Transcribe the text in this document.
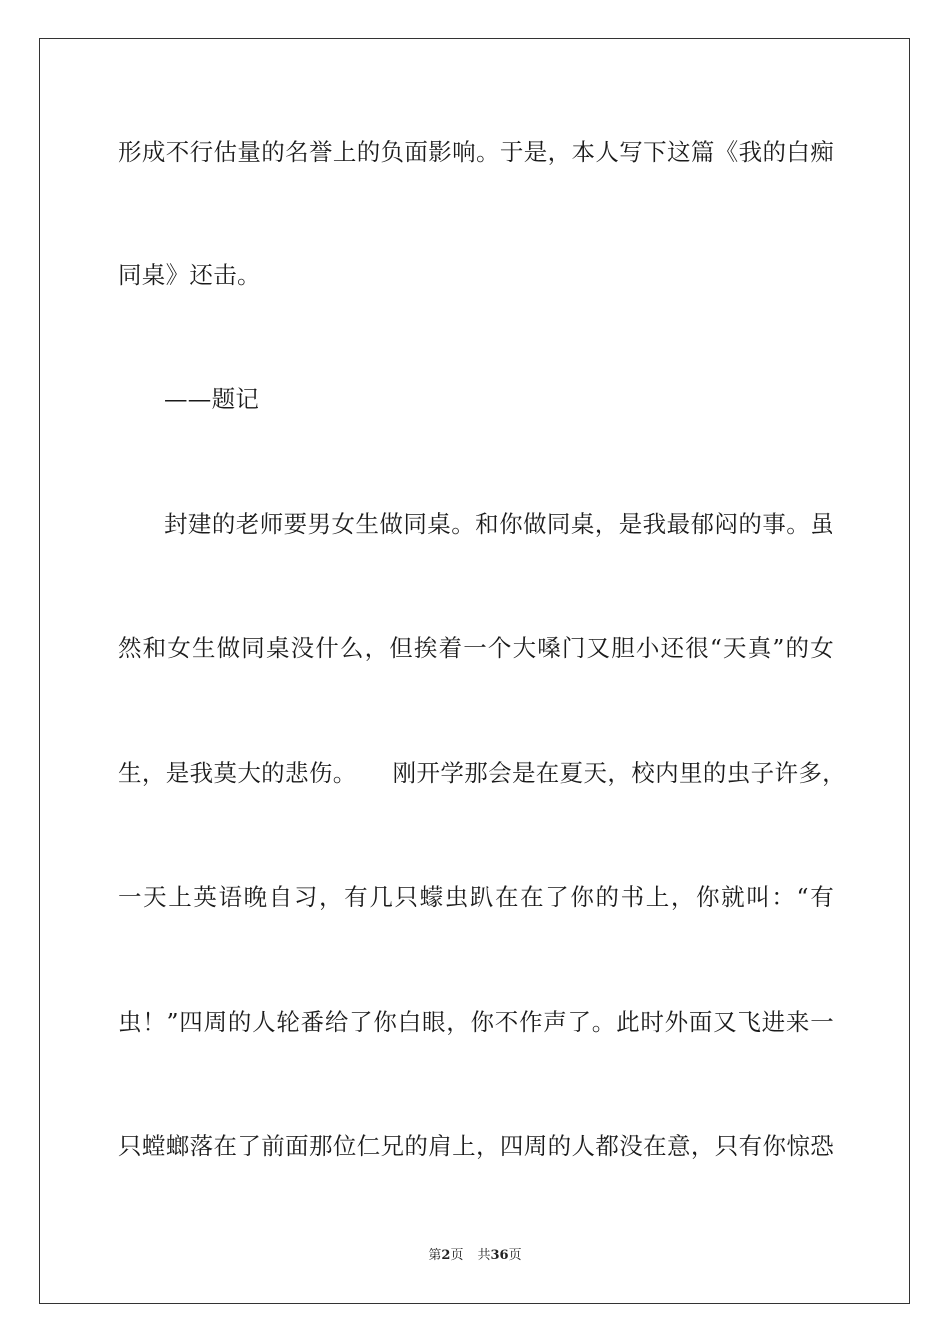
形成不行估量的名誉上的负面影响。于是，本人写下这篇《我的白痴
同桌》还击。
——题记
封建的老师要男女生做同桌。和你做同桌，是我最郁闷的事。虽
然和女生做同桌没什么，但挨着一个大嗓门又胆小还很“天真”的女
生，是我莫大的悲伤。　　刚开学那会是在夏天，校内里的虫子许多，
一天上英语晚自习，有几只蠓虫趴在在了你的书上，你就叫：“有
虫！”四周的人轮番给了你白眼，你不作声了。此时外面又飞进来一
只螳螂落在了前面那位仁兄的肩上，四周的人都没在意，只有你惊恐
第2页 共36页
